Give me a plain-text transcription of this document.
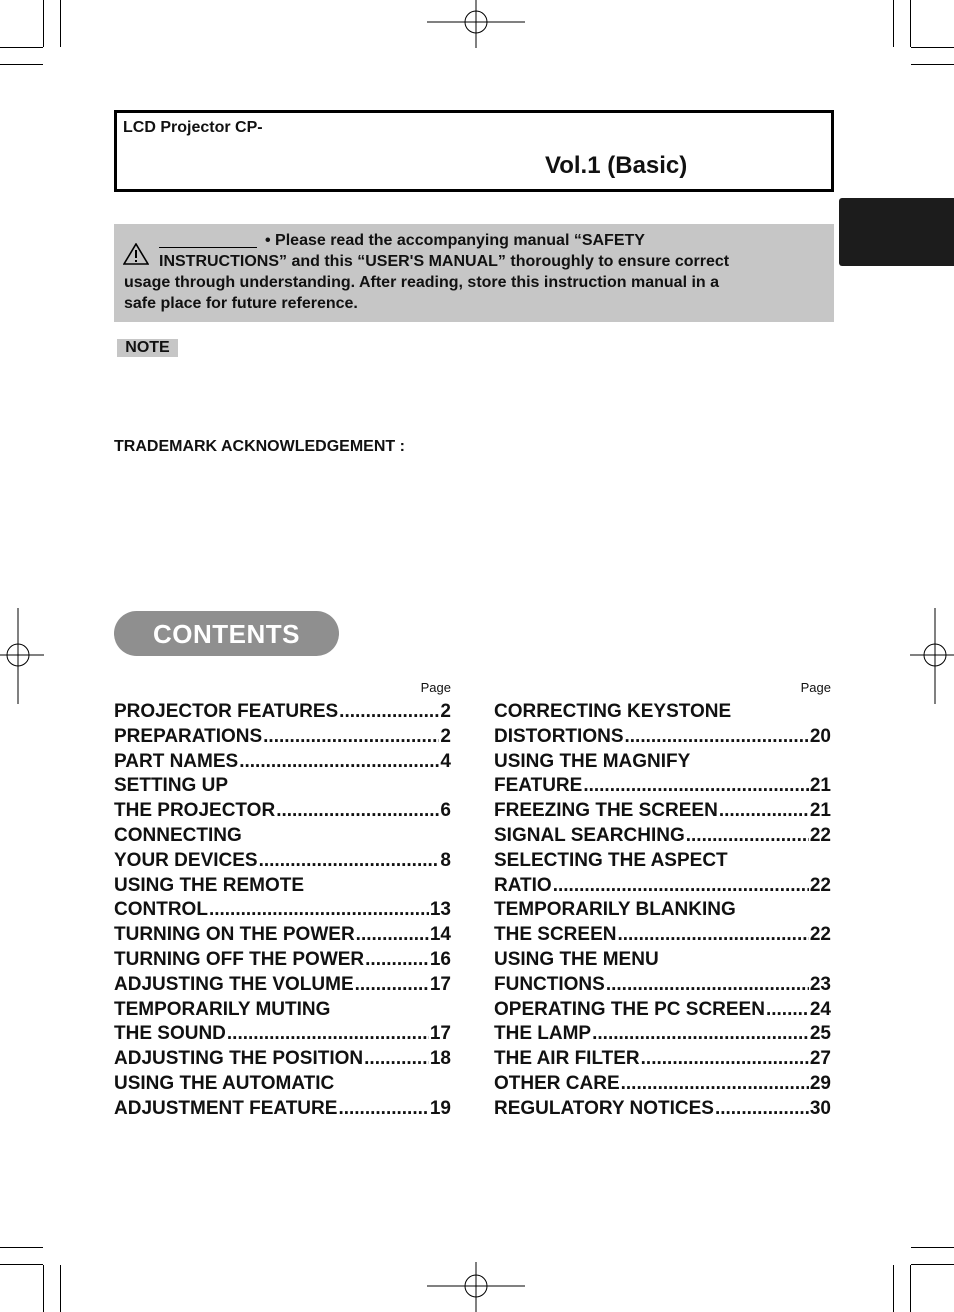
LCD Projector CP-
Vol.1 (Basic)
• Please read the accompanying manual “SAFETY
INSTRUCTIONS” and this “USER'S MANUAL” thoroughly to ensure correct
usage through understanding. After reading, store this instruction manual in a
safe place for future reference.
NOTE
TRADEMARK ACKNOWLEDGEMENT :
CONTENTS
Page
PROJECTOR FEATURES .....	2
PREPARATIONS .....	2
PART NAMES .....	4
SETTING UP
THE PROJECTOR .....	6
CONNECTING
YOUR DEVICES .....	8
USING THE REMOTE
CONTROL .....	13
TURNING ON THE POWER .....	14
TURNING OFF THE POWER .....	16
ADJUSTING THE VOLUME .....	17
TEMPORARILY MUTING
THE SOUND .....	17
ADJUSTING THE POSITION .....	18
USING THE AUTOMATIC
ADJUSTMENT FEATURE .....	19
Page
CORRECTING KEYSTONE
DISTORTIONS .....	20
USING THE MAGNIFY
FEATURE .....	21
FREEZING THE SCREEN .....	21
SIGNAL SEARCHING .....	22
SELECTING THE ASPECT
RATIO .....	22
TEMPORARILY BLANKING
THE SCREEN .....	22
USING THE MENU
FUNCTIONS .....	23
OPERATING THE PC SCREEN ..... 24
THE LAMP .....	25
THE AIR FILTER .....	27
OTHER CARE .....	29
REGULATORY NOTICES .....	30
